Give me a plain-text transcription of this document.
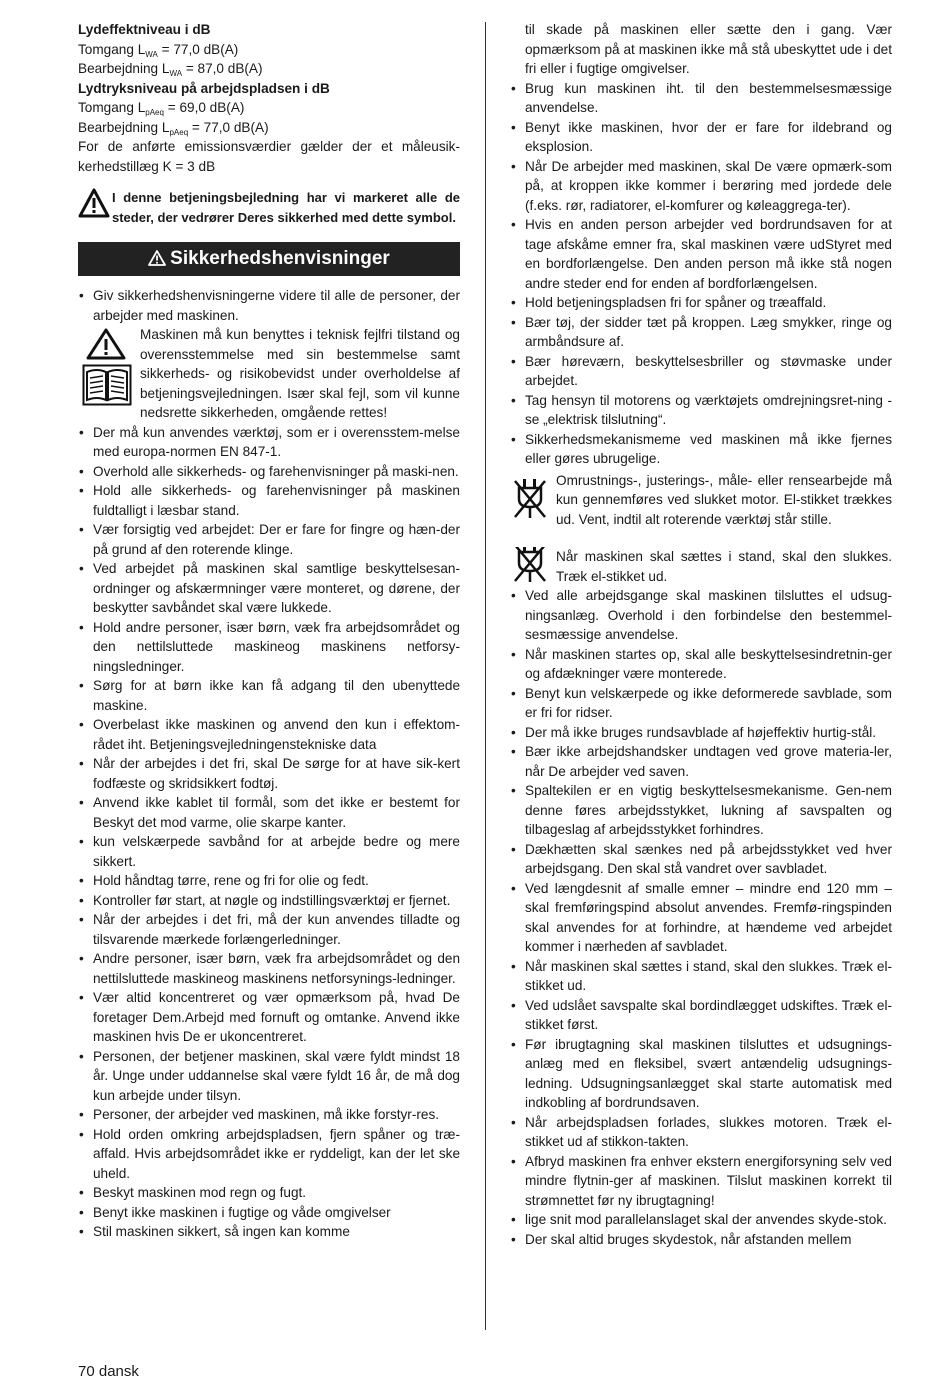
Lydeffektniveau i dB

Tomgang $L_{WA} = 77,0$ dB(A)

Bearbejdning $L_{WA} = 87,0$ dB(A)

Lydtryksniveau på arbejdspladsen i dB

Tomgang $L_{pAeq} = 69,0$ dB(A)

Bearbejdning $L_{pAeq} = 77,0$ dB(A)

For de anførte emissionsværdier gælder der et måleusik-kerhedstillæg K = 3 dB

I denne betjeningsbejledning har vi markeret alle de steder, der vedrører Deres sikkerhed med dette symbol.
Sikkerhedshenvisninger
• Giv sikkerhedshenvisningerne videre til alle de personer, der arbejder med maskinen.

Maskinen må kun benyttes i teknisk fejlfri tilstand og overensstemmelse med sin bestemmelse samt sikkerheds- og risikobevidst under overholdelse af betjeningsvejledningen. Især skal fejl, som vil kunne nedsrette sikkerheden, omgående rettes!

• Der må kun anvendes værktøj, som er i overensstem-melse med europa-normen EN 847-1.
• Overhold alle sikkerheds- og farehenvisninger på maski-nen.
• Hold alle sikkerheds- og farehenvisninger på maskinen fuldtalligt i læsbar stand.
• Vær forsigtig ved arbejdet: Der er fare for fingre og hæn-der på grund af den roterende klinge.
• Ved arbejdet på maskinen skal samtlige beskyttelsesan-ordninger og afskærmninger være monteret, og dørene, der beskytter savbåndet skal være lukkede.
• Hold andre personer, især børn, væk fra arbejdsområdet og den nettilsluttede maskineog maskinens netforsy-ningsledninger.
• Sørg for at børn ikke kan få adgang til den ubenyttede maskine.
• Overbelast ikke maskinen og anvend den kun i effektom-rådet iht. Betjeningsvejledningenstekniske data
• Når der arbejdes i det fri, skal De sørge for at have sik-kert fodfæste og skridsikkert fodtøj.
• Anvend ikke kablet til formål, som det ikke er bestemt for Beskyt det mod varme, olie skarpe kanter.
• kun velskærpede savbånd for at arbejde bedre og mere sikkert.
• Hold håndtag tørre, rene og fri for olie og fedt.
• Kontroller før start, at nøgle og indstillingsværktøj er fjernet.
• Når der arbejdes i det fri, må der kun anvendes tilladte og tilsvarende mærkede forlængerledninger.
• Andre personer, især børn, væk fra arbejdsområdet og den nettilsluttede maskineog maskinens netforsynings-ledninger.
• Vær altid koncentreret og vær opmærksom på, hvad De foretager Dem.Arbejd med fornuft og omtanke. Anvend ikke maskinen hvis De er ukoncentreret.
• Personen, der betjener maskinen, skal være fyldt mindst 18 år. Unge under uddannelse skal være fyldt 16 år, de må dog kun arbejde under tilsyn.
• Personer, der arbejder ved maskinen, må ikke forstyr-res.
• Hold orden omkring arbejdspladsen, fjern spåner og træ-affald. Hvis arbejdsområdet ikke er ryddeligt, kan der let ske uheld.
• Beskyt maskinen mod regn og fugt.
• Benyt ikke maskinen i fugtige og våde omgivelser
• Stil maskinen sikkert, så ingen kan komme

til skade på maskinen eller sætte den i gang. Vær opmærksom på at maskinen ikke må stå ubeskyttet ude i det fri eller i fugtige omgivelser.

• Brug kun maskinen iht. til den bestemmelsesmæssige anvendelse.
• Benyt ikke maskinen, hvor der er fare for ildebrand og eksplosion.
• Når De arbejder med maskinen, skal De være opmærk-som på, at kroppen ikke kommer i berøring med jordede dele (f.eks. rør, radiatorer, el-komfurer og køleaggrega-ter).
• Hvis en anden person arbejder ved bordrundsaven for at tage afskåme emner fra, skal maskinen være udStyret med en bordforlængelse. Den anden person må ikke stå nogen andre steder end for enden af bordforlængelsen.
• Hold betjeningspladsen fri for spåner og træaffald.
• Bær tøj, der sidder tæt på kroppen. Læg smykker, ringe og armbåndsure af.
• Bær høreværn, beskyttelsesbriller og støvmaske under arbejdet.
• Tag hensyn til motorens og værktøjets omdrejningsret-ning - se „elektrisk tilslutning“.
• Sikkerhedsmekanismeme ved maskinen må ikke fjernes eller gøres ubrugelige.

Omrustnings-, justerings-, måle- eller rensearbejde må kun gennemføres ved slukket motor. El-stikket trækkes ud. Vent, indtil alt roterende værktøj står stille.

Når maskinen skal sættes i stand, skal den slukkes. Træk el-stikket ud.

• Ved alle arbejdsgange skal maskinen tilsluttes el udsug-ningsanlæg. Overhold i den forbindelse den bestemmel-sesmæssige anvendelse.
• Når maskinen startes op, skal alle beskyttelsesindretnin-ger og afdækninger være monterede.
• Benyt kun velskærpede og ikke deformerede savblade, som er fri for ridser.
• Der må ikke bruges rundsavblade af højeffektiv hurtig-stål.
• Bær ikke arbejdshandsker undtagen ved grove materia-ler, når De arbejder ved saven.
• Spaltekilen er en vigtig beskyttelsesmekanisme. Gen-nem denne føres arbejdsstykket, lukning af savspalten og tilbageslag af arbejdsstykket forhindres.
• Dækhætten skal sænkes ned på arbejdsstykket ved hver arbejdsgang. Den skal stå vandret over savbladet.
• Ved længdesnit af smalle emner – mindre end 120 mm – skal fremføringspind absolut anvendes. Fremfø-ringspinden skal anvendes for at forhindre, at hændeme ved arbejdet kommer i nærheden af savbladet.
• Når maskinen skal sættes i stand, skal den slukkes. Træk el-stikket ud.
• Ved udslået savspalte skal bordindlægget udskiftes. Træk el-stikket først.
• Før ibrugtagning skal maskinen tilsluttes et udsugnings-anlæg med en fleksibel, svært antændelig udsugnings-ledning. Udsugningsanlægget skal starte automatisk med indkobling af bordrundsaven.
• Når arbejdspladsen forlades, slukkes motoren. Træk el-stikket ud af stikkon-takten.
• Afbryd maskinen fra enhver ekstern energiforsyning selv ved mindre flytnin-ger af maskinen. Tilslut maskinen korrekt til strømnettet før ny ibrugtagning!
• lige snit mod parallelanslaget skal der anvendes skyde-stok.
• Der skal altid bruges skydestok, når afstanden mellem
70 dansk
